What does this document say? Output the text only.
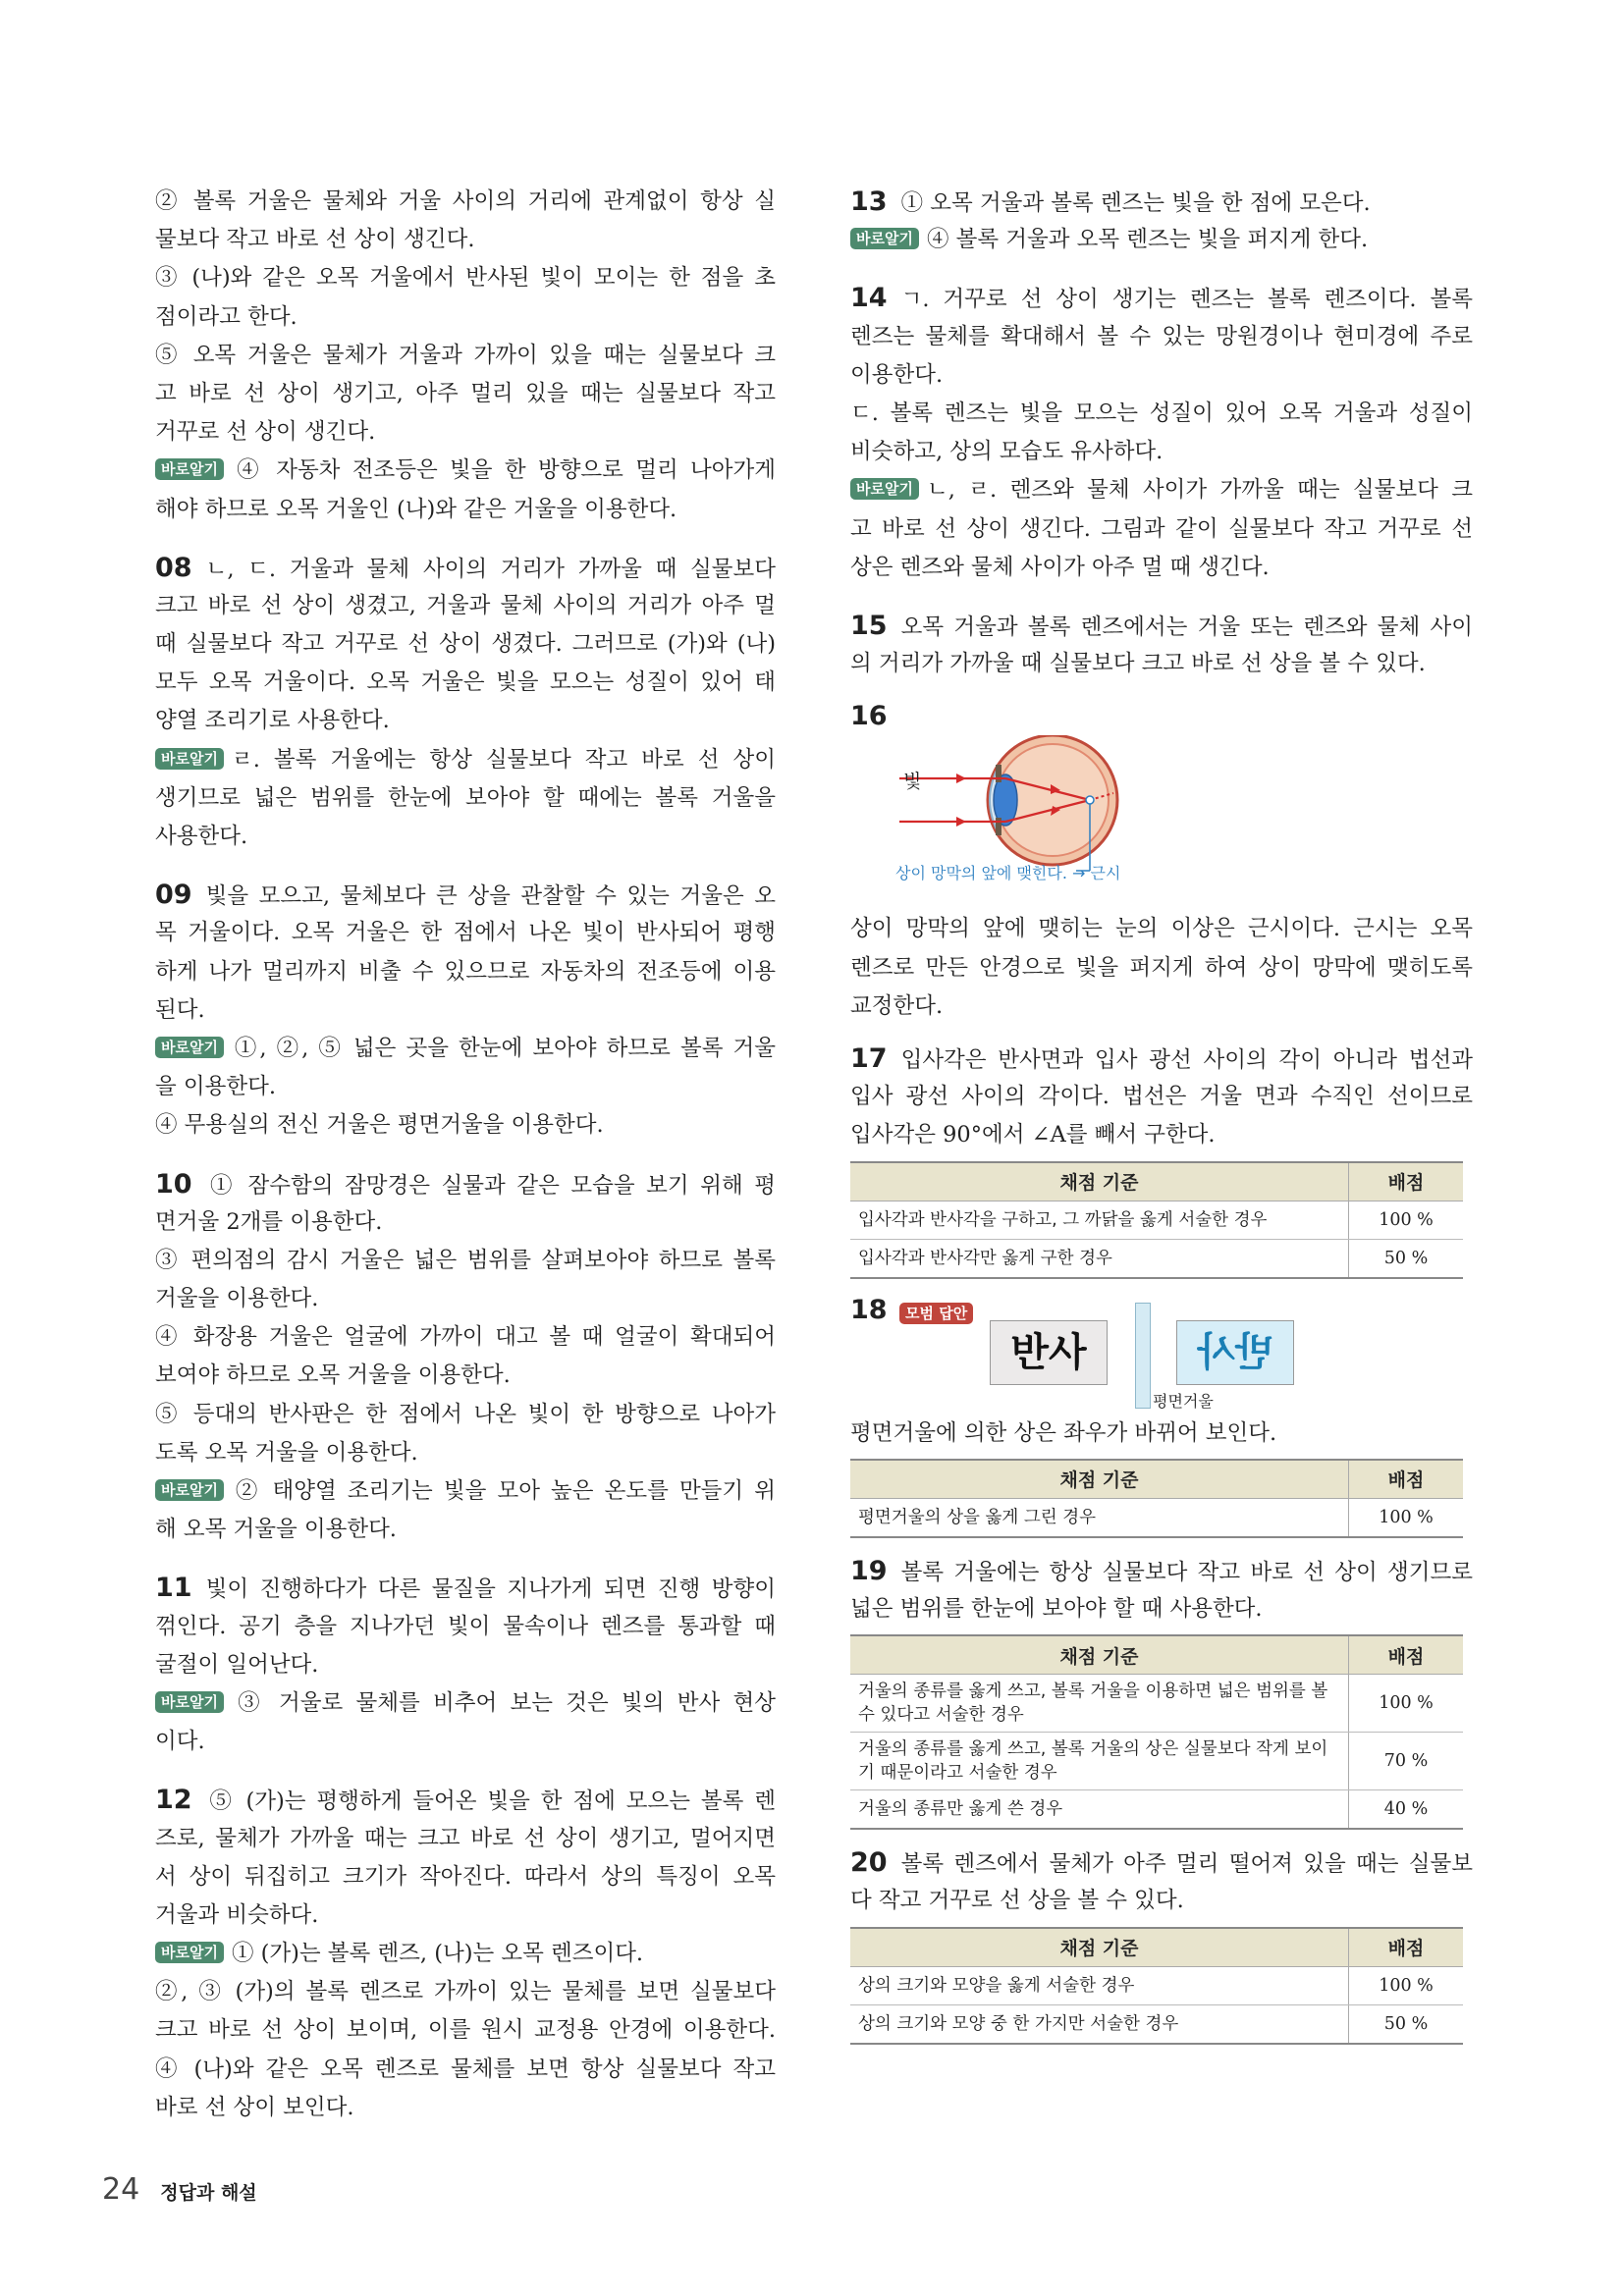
② 볼록 거울은 물체와 거울 사이의 거리에 관계없이 항상 실

물보다 작고 바로 선 상이 생긴다.

③ (나)와 같은 오목 거울에서 반사된 빛이 모이는 한 점을 초

점이라고 한다.

⑤ 오목 거울은 물체가 거울과 가까이 있을 때는 실물보다 크

고 바로 선 상이 생기고, 아주 멀리 있을 때는 실물보다 작고

거꾸로 선 상이 생긴다.

바로알기 ④ 자동차 전조등은 빛을 한 방향으로 멀리 나아가게

해야 하므로 오목 거울인 (나)와 같은 거울을 이용한다.

08 ㄴ, ㄷ. 거울과 물체 사이의 거리가 가까울 때 실물보다

크고 바로 선 상이 생겼고, 거울과 물체 사이의 거리가 아주 멀

때 실물보다 작고 거꾸로 선 상이 생겼다. 그러므로 (가)와 (나)

모두 오목 거울이다. 오목 거울은 빛을 모으는 성질이 있어 태

양열 조리기로 사용한다.

바로알기 ㄹ. 볼록 거울에는 항상 실물보다 작고 바로 선 상이

생기므로 넓은 범위를 한눈에 보아야 할 때에는 볼록 거울을

사용한다.

09 빛을 모으고, 물체보다 큰 상을 관찰할 수 있는 거울은 오

목 거울이다. 오목 거울은 한 점에서 나온 빛이 반사되어 평행

하게 나가 멀리까지 비출 수 있으므로 자동차의 전조등에 이용

된다.

바로알기 ①, ②, ⑤ 넓은 곳을 한눈에 보아야 하므로 볼록 거울

을 이용한다.

④ 무용실의 전신 거울은 평면거울을 이용한다.

10 ① 잠수함의 잠망경은 실물과 같은 모습을 보기 위해 평

면거울 2개를 이용한다.

③ 편의점의 감시 거울은 넓은 범위를 살펴보아야 하므로 볼록

거울을 이용한다.

④ 화장용 거울은 얼굴에 가까이 대고 볼 때 얼굴이 확대되어

보여야 하므로 오목 거울을 이용한다.

⑤ 등대의 반사판은 한 점에서 나온 빛이 한 방향으로 나아가

도록 오목 거울을 이용한다.

바로알기 ② 태양열 조리기는 빛을 모아 높은 온도를 만들기 위

해 오목 거울을 이용한다.

11 빛이 진행하다가 다른 물질을 지나가게 되면 진행 방향이

꺾인다. 공기 층을 지나가던 빛이 물속이나 렌즈를 통과할 때

굴절이 일어난다.

바로알기 ③ 거울로 물체를 비추어 보는 것은 빛의 반사 현상

이다.

12 ⑤ (가)는 평행하게 들어온 빛을 한 점에 모으는 볼록 렌

즈로, 물체가 가까울 때는 크고 바로 선 상이 생기고, 멀어지면

서 상이 뒤집히고 크기가 작아진다. 따라서 상의 특징이 오목

거울과 비슷하다.

바로알기 ① (가)는 볼록 렌즈, (나)는 오목 렌즈이다.

②, ③ (가)의 볼록 렌즈로 가까이 있는 물체를 보면 실물보다

크고 바로 선 상이 보이며, 이를 원시 교정용 안경에 이용한다.

④ (나)와 같은 오목 렌즈로 물체를 보면 항상 실물보다 작고

바로 선 상이 보인다.

13 ① 오목 거울과 볼록 렌즈는 빛을 한 점에 모은다.

바로알기 ④ 볼록 거울과 오목 렌즈는 빛을 퍼지게 한다.

14 ㄱ. 거꾸로 선 상이 생기는 렌즈는 볼록 렌즈이다. 볼록

렌즈는 물체를 확대해서 볼 수 있는 망원경이나 현미경에 주로

이용한다.

ㄷ. 볼록 렌즈는 빛을 모으는 성질이 있어 오목 거울과 성질이

비슷하고, 상의 모습도 유사하다.

바로알기 ㄴ, ㄹ. 렌즈와 물체 사이가 가까울 때는 실물보다 크

고 바로 선 상이 생긴다. 그림과 같이 실물보다 작고 거꾸로 선

상은 렌즈와 물체 사이가 아주 멀 때 생긴다.

15 오목 거울과 볼록 렌즈에서는 거울 또는 렌즈와 물체 사이

의 거리가 가까울 때 실물보다 크고 바로 선 상을 볼 수 있다.

16

빛
상이 망막의 앞에 맺힌다. → 근시

상이 망막의 앞에 맺히는 눈의 이상은 근시이다. 근시는 오목

렌즈로 만든 안경으로 빛을 퍼지게 하여 상이 망막에 맺히도록

교정한다.

17 입사각은 반사면과 입사 광선 사이의 각이 아니라 법선과

입사 광선 사이의 각이다. 법선은 거울 면과 수직인 선이므로

입사각은 90°에서 ∠A를 빼서 구한다.

채점 기준	배점
입사각과 반사각을 구하고, 그 까닭을 옳게 서술한 경우	100 %
입사각과 반사각만 옳게 구한 경우	50 %
18	모범 답안
반사	반사
평면거울

평면거울에 의한 상은 좌우가 바뀌어 보인다.

채점 기준	배점
평면거울의 상을 옳게 그린 경우	100 %

19 볼록 거울에는 항상 실물보다 작고 바로 선 상이 생기므로

넓은 범위를 한눈에 보아야 할 때 사용한다.

채점 기준	배점
거울의 종류를 옳게 쓰고, 볼록 거울을 이용하면 넓은 범위를 볼 수 있다고 서술한 경우	100 %
거울의 종류를 옳게 쓰고, 볼록 거울의 상은 실물보다 작게 보이기 때문이라고 서술한 경우	70 %
거울의 종류만 옳게 쓴 경우	40 %

20 볼록 렌즈에서 물체가 아주 멀리 떨어져 있을 때는 실물보

다 작고 거꾸로 선 상을 볼 수 있다.

채점 기준	배점
상의 크기와 모양을 옳게 서술한 경우	100 %
상의 크기와 모양 중 한 가지만 서술한 경우	50 %
24 정답과 해설
